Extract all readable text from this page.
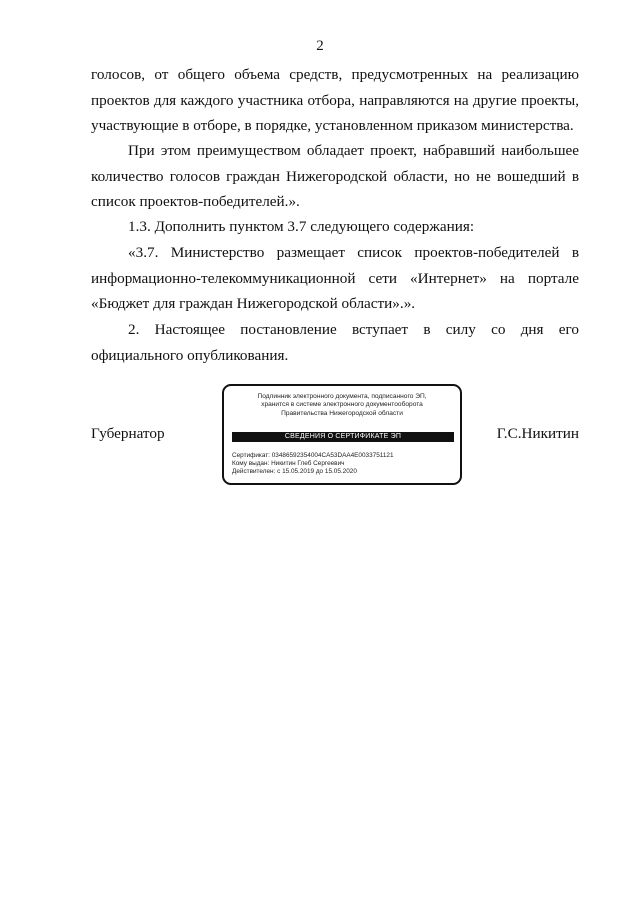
2

голосов, от общего объема средств, предусмотренных на реализацию проектов для каждого участника отбора, направляются на другие проекты, участвующие в отборе, в порядке, установленном приказом министерства.

При этом преимуществом обладает проект, набравший наибольшее количество голосов граждан Нижегородской области, но не вошедший в список проектов-победителей.».

1.3. Дополнить пунктом 3.7 следующего содержания:

«3.7. Министерство размещает список проектов-победителей в информационно-телекоммуникационной сети «Интернет» на портале «Бюджет для граждан Нижегородской области».».

2. Настоящее постановление вступает в силу со дня его официального опубликования.

Губернатор
Подлинник электронного документа, подписанного ЭП,
хранится в системе электронного документооборота
Правительства Нижегородской области
СВЕДЕНИЯ О СЕРТИФИКАТЕ ЭП
Сертификат: 03486592354004CA53DAA4E0033751121
Кому выдан: Никитин Глеб Сергеевич
Действителен: с 15.05.2019 до 15.05.2020
Г.С.Никитин
